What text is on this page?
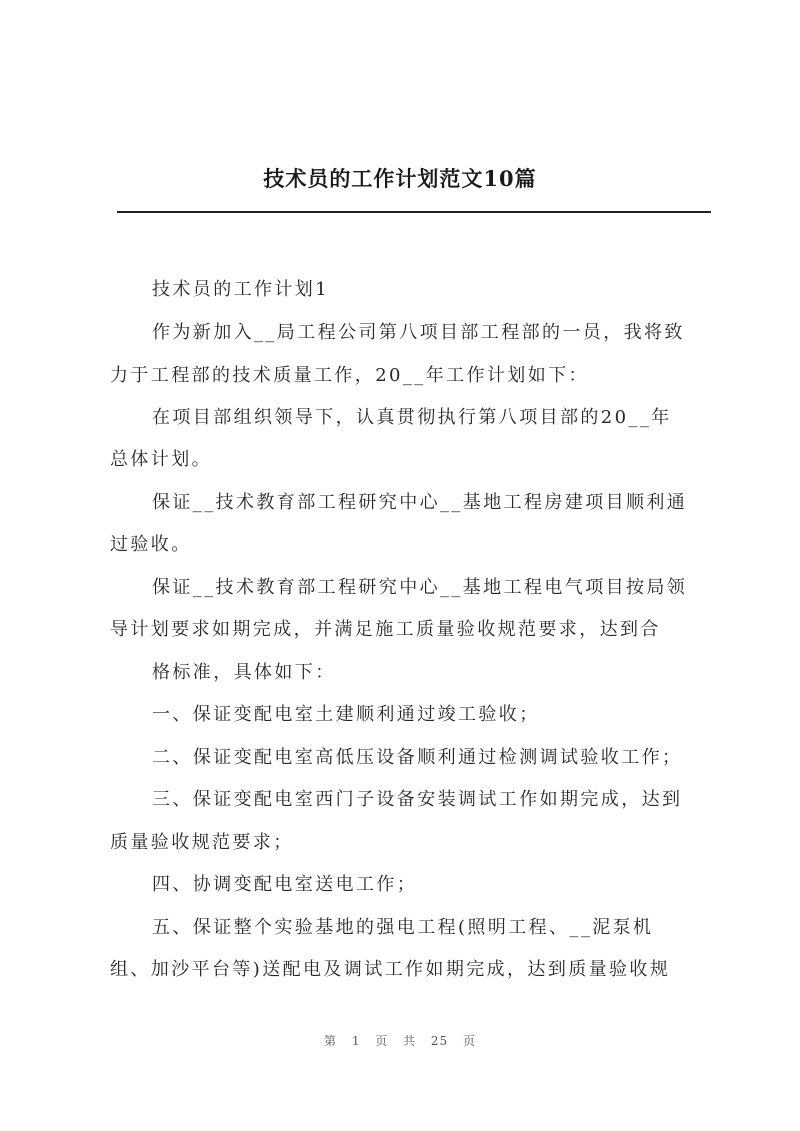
技术员的工作计划范文10篇
技术员的工作计划1
作为新加入__局工程公司第八项目部工程部的一员，我将致
力于工程部的技术质量工作，20__年工作计划如下：
在项目部组织领导下，认真贯彻执行第八项目部的20__年
总体计划。
保证__技术教育部工程研究中心__基地工程房建项目顺利通
过验收。
保证__技术教育部工程研究中心__基地工程电气项目按局领
导计划要求如期完成，并满足施工质量验收规范要求，达到合
格标准，具体如下：
一、保证变配电室土建顺利通过竣工验收；
二、保证变配电室高低压设备顺利通过检测调试验收工作；
三、保证变配电室西门子设备安装调试工作如期完成，达到
质量验收规范要求；
四、协调变配电室送电工作；
五、保证整个实验基地的强电工程(照明工程、__泥泵机
组、加沙平台等)送配电及调试工作如期完成，达到质量验收规
第 1 页 共 25 页
